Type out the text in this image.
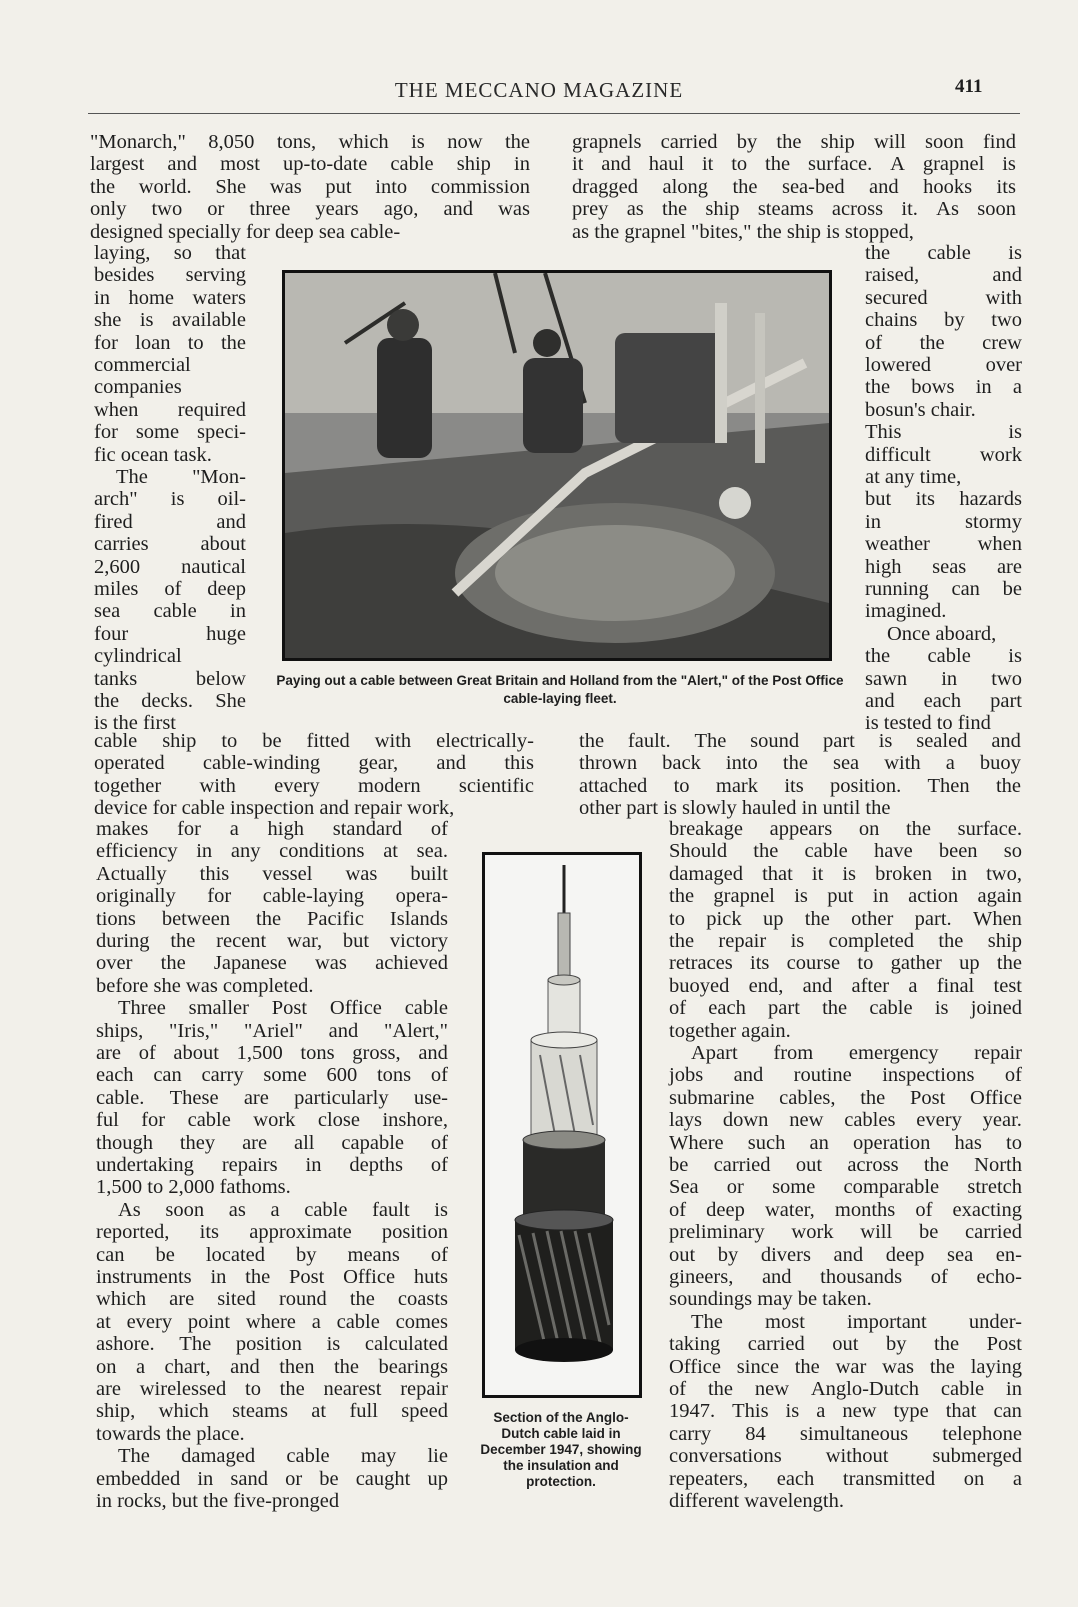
THE MECCANO MAGAZINE	411
Paying out a cable between Great Britain and Holland from the "Alert," of the Post Office cable-laying fleet.
Section of the Anglo-Dutch cable laid in December 1947, showing the insulation and protection.
"Monarch," 8,050 tons, which is now the
largest and most up-to-date cable ship in
the world. She was put into commission
only two or three years ago, and was
designed specially for deep sea cable-
laying, so that
besides serving
in home waters
she is available
for loan to the
commercial
companies
when required
for some speci-
fic ocean task.
The "Mon-
arch" is oil-
fired	and
carries	about
2,600 nautical
miles of deep
sea cable in
four	huge
cylindrical
tanks	below
the decks. She
is the first
cable ship to be fitted with electrically-
operated cable-winding gear, and this
together with every modern scientific
device for cable inspection and repair work,
makes for a high standard of
efficiency in any conditions at sea.
Actually this vessel was built
originally for cable-laying opera-
tions between the Pacific Islands
during the recent war, but victory
over the Japanese was achieved
before she was completed.
Three smaller Post Office cable
ships, "Iris," "Ariel" and "Alert,"
are of about 1,500 tons gross, and
each can carry some 600 tons of
cable. These are particularly use-
ful for cable work close inshore,
though they are all capable of
undertaking repairs in depths of
1,500 to 2,000 fathoms.
As soon as a cable fault is
reported, its approximate position
can be located by means of
instruments in the Post Office huts
which are sited round the coasts
at every point where a cable comes
ashore. The position is calculated
on a chart, and then the bearings
are wirelessed to the nearest repair
ship, which steams at full speed
towards the place.
The damaged cable may lie
embedded in sand or be caught up
in rocks, but the five-pronged
grapnels carried by the ship will soon find
it and haul it to the surface. A grapnel is
dragged along the sea-bed and hooks its
prey as the ship steams across it. As soon
as the grapnel "bites," the ship is stopped,
the cable is
raised,	and
secured	with
chains by two
of the crew
lowered	over
the bows in a
bosun's chair.
This	is
difficult work
at any time,
but its hazards
in	stormy
weather when
high seas are
running can be
imagined.
Once aboard,
the cable is
sawn in two
and each part
is tested to find
the fault. The sound part is sealed and
thrown back into the sea with a buoy
attached to mark its position. Then the
other part is slowly hauled in until the
breakage appears on the surface.
Should the cable have been so
damaged that it is broken in two,
the grapnel is put in action again
to pick up the other part. When
the repair is completed the ship
retraces its course to gather up the
buoyed end, and after a final test
of each part the cable is joined
together again.
Apart from emergency repair
jobs and routine inspections of
submarine cables, the Post Office
lays down new cables every year.
Where such an operation has to
be carried out across the North
Sea or some comparable stretch
of deep water, months of exacting
preliminary work will be carried
out by divers and deep sea en-
gineers, and thousands of echo-
soundings may be taken.
The most important under-
taking carried out by the Post
Office since the war was the laying
of the new Anglo-Dutch cable in
1947. This is a new type that can
carry 84 simultaneous telephone
conversations without submerged
repeaters, each transmitted on a
different wavelength.
